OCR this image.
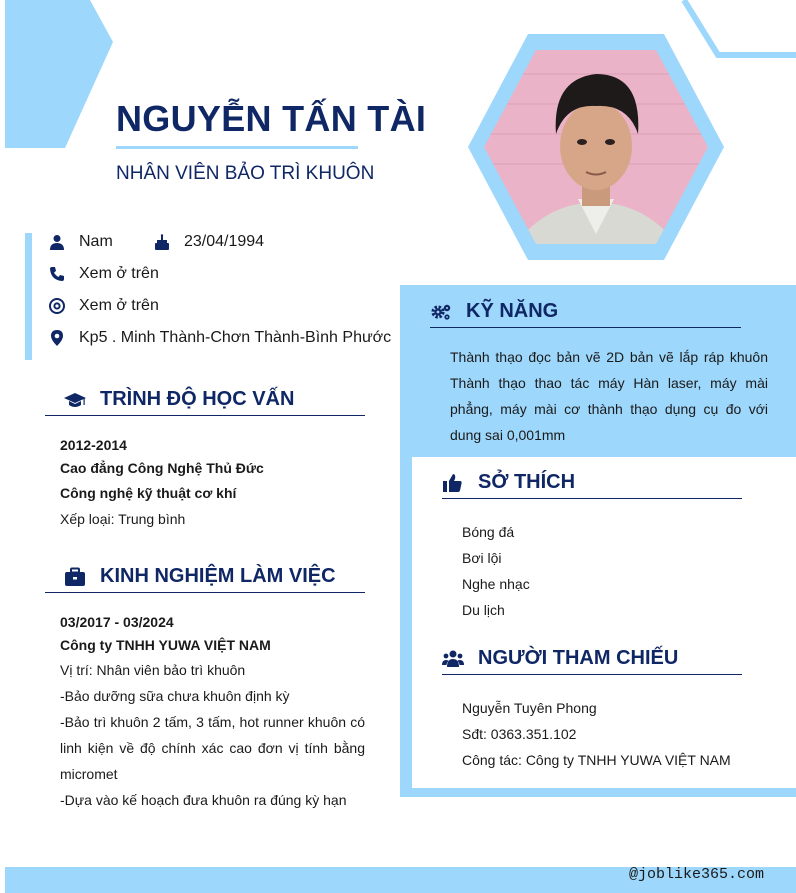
NGUYỄN TẤN TÀI
NHÂN VIÊN BẢO TRÌ KHUÔN
Nam	23/04/1994
Xem ở trên
Xem ở trên
Kp5 . Minh Thành-Chơn Thành-Bình Phước
TRÌNH ĐỘ HỌC VẤN
2012-2014
Cao đẳng Công Nghệ Thủ Đức
Công nghệ kỹ thuật cơ khí
Xếp loại: Trung bình
KINH NGHIỆM LÀM VIỆC
03/2017 - 03/2024
Công ty TNHH YUWA VIỆT NAM
Vị trí: Nhân viên bảo trì khuôn
-Bảo dưỡng sữa chưa khuôn định kỳ
-Bảo trì khuôn 2 tấm, 3 tấm, hot runner khuôn có linh kiện về độ chính xác cao đơn vị tính bằng micromet
-Dựa vào kế hoạch đưa khuôn ra đúng kỳ hạn
KỸ NĂNG
Thành thạo đọc bản vẽ 2D bản vẽ lắp ráp khuôn Thành thạo thao tác máy Hàn laser, máy mài phẳng, máy mài cơ thành thạo dụng cụ đo với dung sai 0,001mm
SỞ THÍCH
Bóng đá
Bơi lội
Nghe nhạc
Du lịch
NGƯỜI THAM CHIẾU
Nguyễn Tuyên Phong
Sđt: 0363.351.102
Công tác: Công ty TNHH YUWA VIỆT NAM
@joblike365.com
